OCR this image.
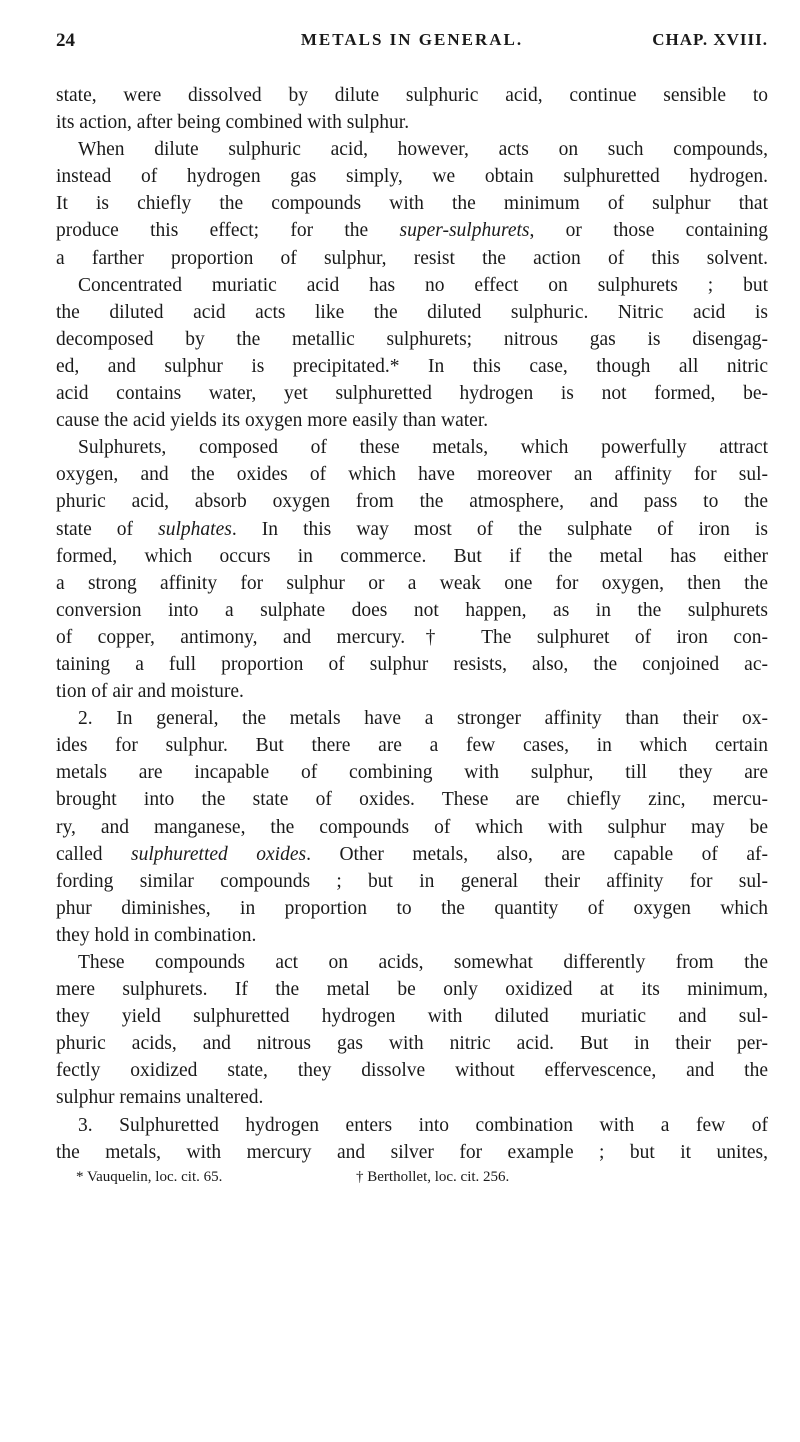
24	METALS IN GENERAL.	CHAP. XVIII.
state, were dissolved by dilute sulphuric acid, continue sensible to
its action, after being combined with sulphur.
When dilute sulphuric acid, however, acts on such compounds,
instead of hydrogen gas simply, we obtain sulphuretted hydrogen.
It is chiefly the compounds with the minimum of sulphur that
produce this effect; for the super-sulphurets, or those containing
a farther proportion of sulphur, resist the action of this solvent.
Concentrated muriatic acid has no effect on sulphurets ; but
the diluted acid acts like the diluted sulphuric. Nitric acid is
decomposed by the metallic sulphurets; nitrous gas is disengag-
ed, and sulphur is precipitated.* In this case, though all nitric
acid contains water, yet sulphuretted hydrogen is not formed, be-
cause the acid yields its oxygen more easily than water.
Sulphurets, composed of these metals, which powerfully attract
oxygen, and the oxides of which have moreover an affinity for sul-
phuric acid, absorb oxygen from the atmosphere, and pass to the
state of sulphates. In this way most of the sulphate of iron is
formed, which occurs in commerce. But if the metal has either
a strong affinity for sulphur or a weak one for oxygen, then the
conversion into a sulphate does not happen, as in the sulphurets
of copper, antimony, and mercury.† The sulphuret of iron con-
taining a full proportion of sulphur resists, also, the conjoined ac-
tion of air and moisture.
2. In general, the metals have a stronger affinity than their ox-
ides for sulphur. But there are a few cases, in which certain
metals are incapable of combining with sulphur, till they are
brought into the state of oxides. These are chiefly zinc, mercu-
ry, and manganese, the compounds of which with sulphur may be
called sulphuretted oxides. Other metals, also, are capable of af-
fording similar compounds ; but in general their affinity for sul-
phur diminishes, in proportion to the quantity of oxygen which
they hold in combination.
These compounds act on acids, somewhat differently from the
mere sulphurets. If the metal be only oxidized at its minimum,
they yield sulphuretted hydrogen with diluted muriatic and sul-
phuric acids, and nitrous gas with nitric acid. But in their per-
fectly oxidized state, they dissolve without effervescence, and the
sulphur remains unaltered.
3. Sulphuretted hydrogen enters into combination with a few of
the metals, with mercury and silver for example ; but it unites,
* Vauquelin, loc. cit. 65.	† Berthollet, loc. cit. 256.
